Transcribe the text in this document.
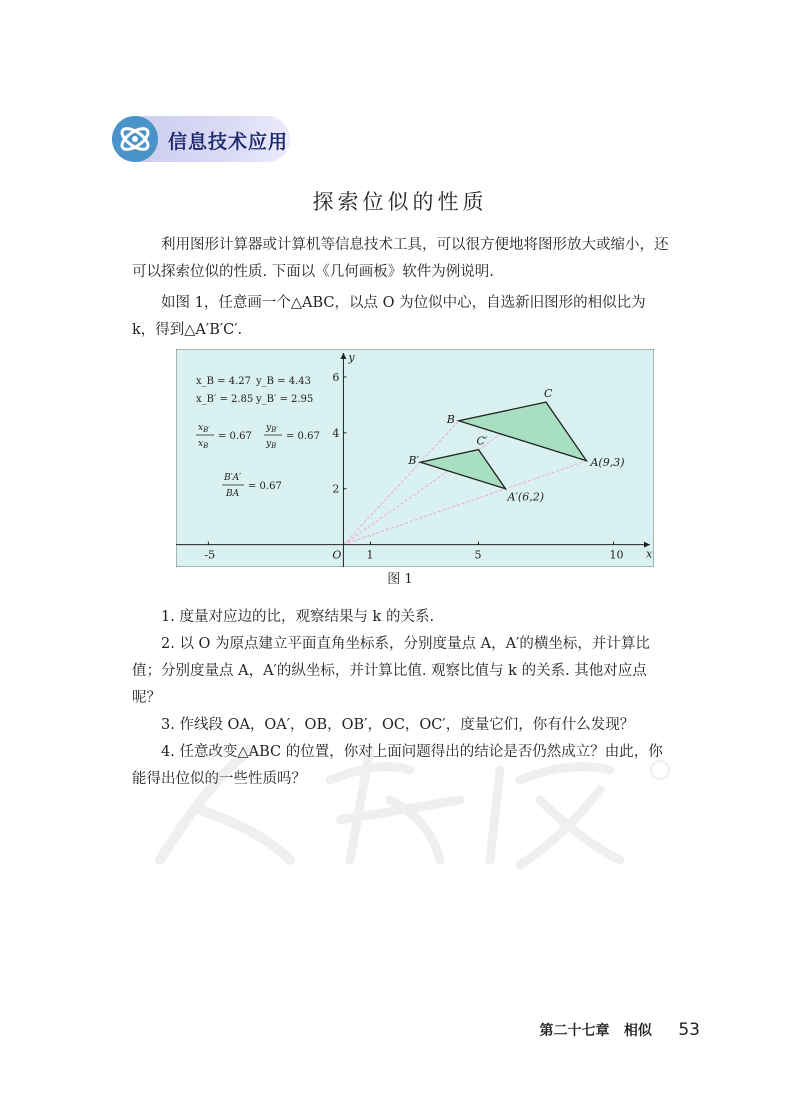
信息技术应用
探索位似的性质

利用图形计算器或计算机等信息技术工具，可以很方便地将图形放大或缩小，还可以探索位似的性质. 下面以《几何画板》软件为例说明.

如图 1，任意画一个△ABC，以点 O 为位似中心，自选新旧图形的相似比为 k，得到△A′B′C′.

x
y
O
-5	1	5	10
2
4
6
A(9,3)
B
C
A′(6,2)
B′
C′
x_B = 4.27 y_B = 4.43
x_B′ = 2.85 y_B′ = 2.95
$x_{B'}$
$x_B$
= 0.67
$y_{B'}$
$y_B$
= 0.67
B′A′
BA
= 0.67
图 1

1. 度量对应边的比，观察结果与 k 的关系.

2. 以 O 为原点建立平面直角坐标系，分别度量点 A，A′的横坐标，并计算比值；分别度量点 A，A′的纵坐标，并计算比值. 观察比值与 k 的关系. 其他对应点呢？

3. 作线段 OA，OA′，OB，OB′，OC，OC′，度量它们，你有什么发现？

4. 任意改变△ABC 的位置，你对上面问题得出的结论是否仍然成立？由此，你能得出位似的一些性质吗？

第二十七章 相似 53
